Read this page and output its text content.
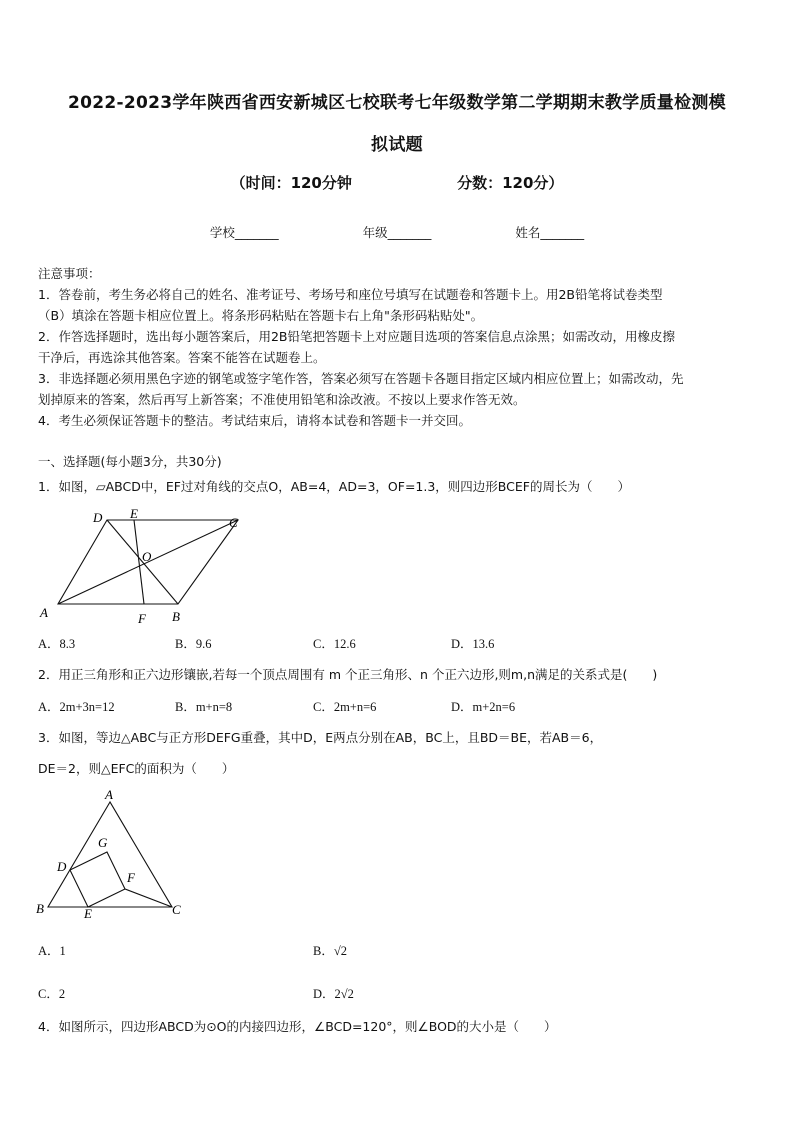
2022-2023学年陕西省西安新城区七校联考七年级数学第二学期期末教学质量检测模
拟试题
（时间：120分钟	分数：120分）
学校_______	年级_______	姓名_______
注意事项：
1．答卷前，考生务必将自己的姓名、准考证号、考场号和座位号填写在试题卷和答题卡上。用2B铅笔将试卷类型
（B）填涂在答题卡相应位置上。将条形码粘贴在答题卡右上角"条形码粘贴处"。
2．作答选择题时，选出每小题答案后，用2B铅笔把答题卡上对应题目选项的答案信息点涂黑；如需改动，用橡皮擦
干净后，再选涂其他答案。答案不能答在试题卷上。
3．非选择题必须用黑色字迹的钢笔或签字笔作答，答案必须写在答题卡各题目指定区域内相应位置上；如需改动，先
划掉原来的答案，然后再写上新答案；不准使用铅笔和涂改液。不按以上要求作答无效。
4．考生必须保证答题卡的整洁。考试结束后，请将本试卷和答题卡一并交回。
一、选择题(每小题3分，共30分)
1．如图，▱ABCD中，EF过对角线的交点O，AB=4，AD=3，OF=1.3，则四边形BCEF的周长为（　　）
D E
C
O
A	F B
A．8.3	B．9.6	C．12.6	D．13.6
2．用正三角形和正六边形镶嵌,若每一个顶点周围有 m 个正三角形、n 个正六边形,则m,n满足的关系式是(　　)
A．2m+3n=12	B．m+n=8	C．2m+n=6	D．m+2n=6
3．如图，等边△ABC与正方形DEFG重叠，其中D，E两点分别在AB，BC上，且BD＝BE，若AB＝6，
DE＝2，则△EFC的面积为（　　）
A
G
D
F
B	E	C
A．1	B．√2
C．2	D．2√2
4．如图所示，四边形ABCD为⊙O的内接四边形，∠BCD=120°，则∠BOD的大小是（　　）
